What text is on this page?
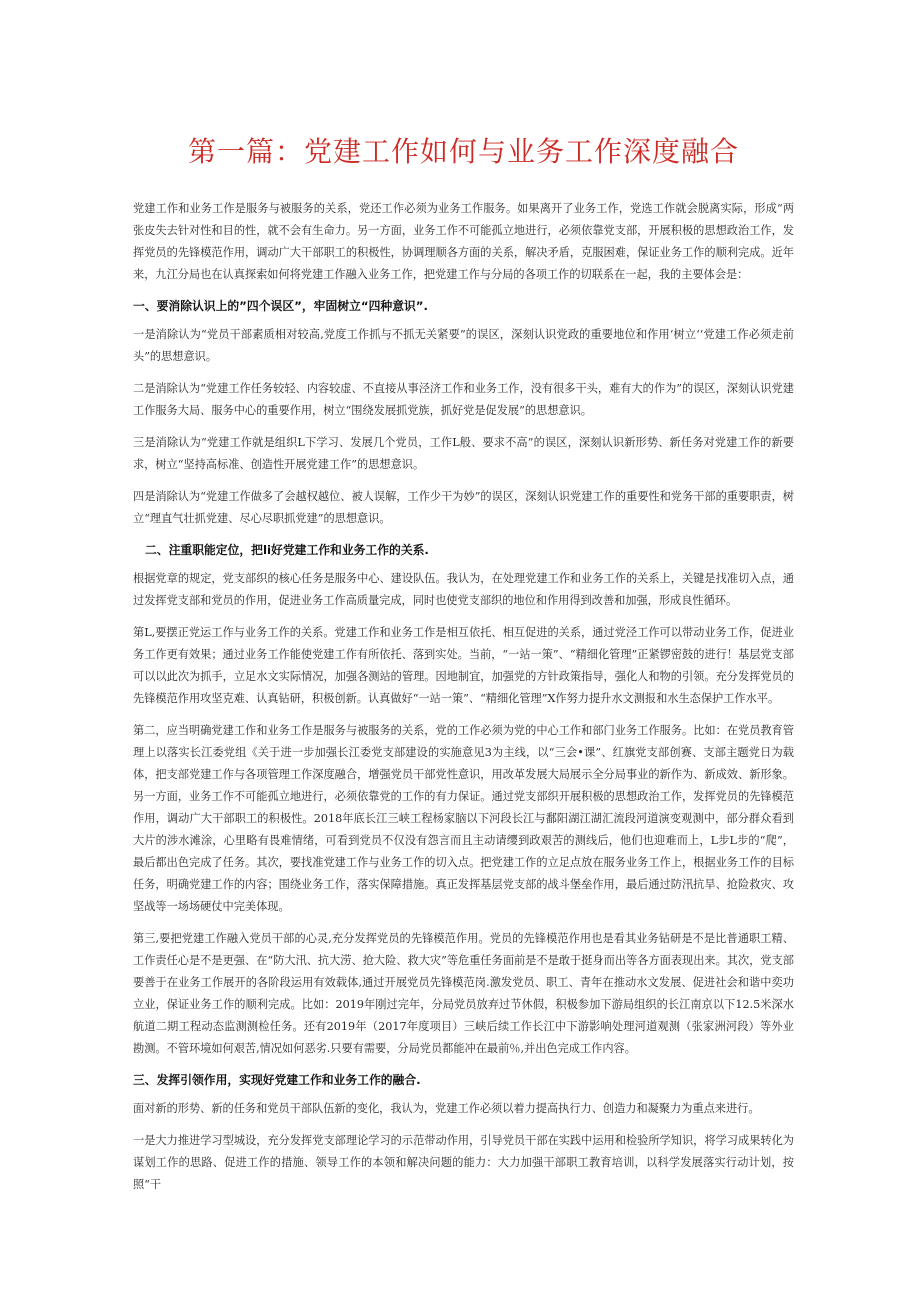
第一篇：党建工作如何与业务工作深度融合

党建工作和业务工作是服务与被服务的关系，党还工作必须为业务工作服务。如果离开了业务工作，党选工作就会脱离实际，形成“两张皮失去针对性和目的性，就不会有生命力。另一方面，业务工作不可能孤立地进行，必须依靠党支部，开展积极的思想政治工作，发挥党员的先锋模范作用，调动广大干部职工的积极性，协调理顺各方面的关系，解决矛盾，克服困难，保证业务工作的顺利完成。近年来，九江分局也在认真探索如何将党建工作融入业务工作，把党建工作与分局的各项工作的切联系在一起，我的主要体会是：

一、要消除认识上的”四个误区”，牢固树立“四种意识”.

一是消除认为“党员干部素质相对较高,党度工作抓与不抓无关紧要”的误区，深刻认识党政的重要地位和作用‘树立‘‘党建工作必须走前头”的思想意识。

二是消除认为“党建工作任务较轻、内容较虚、不直接从事泾济工作和业务工作，没有很多干头，难有大的作为”的误区，深刻认识党建工作服务大局、服务中心的重要作用，树立“围绕发展抓党族，抓好党是促发展”的思想意识。

三是消除认为“党建工作就是组织L下学习、发展几个党员，工作L般、要求不高”的误区，深刻认识新形势、新任务对党建工作的新要求，树立“坚持高标准、创造性开展党建工作”的思想意识。

四是消除认为“党建工作做多了会越权越位、被人误解，工作少干为妙”的误区，深刻认识党建工作的重要性和党务干部的重要职责，树立“理直气壮抓党建、尽心尽职抓党建”的思想意识。

二、注重职能定位，把li好党建工作和业务工作的关系.

根据党章的规定，党支部织的核心任务是服务中心、建设队伍。我认为，在处理党建工作和业务工作的关系上，关键是找准切入点，通过发挥党支部和党员的作用，促进业务工作高质量完成，同时也使党支部织的地位和作用得到改善和加强，形成良性循环。

第L,要摆正党运工作与业务工作的关系。党建工作和业务工作是相互依托、相互促进的关系，通过党泾工作可以带动业务工作，促进业务工作更有效果；通过业务工作能使党建工作有所依托、落到实处。当前，“一站一策”、“精细化管理”正紧锣密鼓的进行！基层党支部可以以此次为抓手，立足水文实际情况，加强各测站的管理。因地制宜，加强党的方针政策指导，强化人和物的引领。充分发挥党员的先锋模范作用攻坚克难、认真钻研，积极创新。认真做好“一站一策”、“精细化管理”X作努力提升水文测报和水生态保护工作水平。

第二，应当明确党建工作和业务工作是服务与被服务的关系，党的工作必须为党的中心工作和部门业务工作服务。比如：在党员教育管理上以落实长江委党组《关于进一步加强长江委党支部建设的实施意见3为主线，以“三会•课”、红旗党支部创赛、支部主题党日为载体，把支部党建工作与各项管理工作深度融合，增强党员干部党性意识，用改革发展大局展示全分局事业的新作为、新成效、新形象。另一方面，业务工作不可能孤立地进行，必须依靠党的工作的有力保证。通过党支部织开展积极的思想政治工作，发挥党员的先锋模范作用，调动广大干部职工的积极性。2018年底长江三峡工程杨家脑以下河段长江与鄱阳湖江湖汇流段河道演变观测中，部分群众看到大片的涉水滩涂，心里略有畏难情绪，可看到党员不仅没有怨言而且主动请缨到政艰苦的测线后，他们也迎难而上，L步L步的“爬”，最后都出色完成了任务。其次，要找准党建工作与业务工作的切入点。把党建工作的立足点放在服务业务工作上，根据业务工作的目标任务，明确党建工作的内容；围绕业务工作，落实保障措施。真正发挥基层党支部的战斗堡垒作用，最后通过防汛抗旱、抢险救灾、攻坚战等一场场硬仗中完美体现。

第三,要把党建工作融入党员干部的心灵,充分发挥党员的先锋模范作用。党员的先锋模范作用也是看其业务钻研是不是比普通职工精、工作责任心是不是更强、在“防大汛、抗大涝、抢大险、救大灾”等危重任务面前是不是敢于挺身而出等各方面表现出来。其次，党支部要善于在业务工作展开的各阶段运用有效载体,通过开展党员先锋模范岗.激发党员、职工、青年在推动水文发展、促进社会和谐中奕功立业，保证业务工作的顺利完成。比如：2019年刚过完年，分局党员放弃过节休假，积极参加下游局组织的长江南京以下12.5米深水航道二期工程动态监测测检任务。还有2019年（2017年度项目）三峡后续工作长江中下游影响处理河道观测（张家洲河段）等外业勘测。不管环境如何艰苦,情况如何恶劣.只要有需要，分局党员都能冲在最前％,并出色完成工作内容。

三、发挥引领作用，实现好党建工作和业务工作的融合.

面对新的形势、新的任务和党员干部队伍新的变化，我认为，党建工作必须以着力提高执行力、创造力和凝聚力为重点来进行。

一是大力推进学习型城设，充分发挥党支部理论学习的示范带动作用，引导党员干部在实践中运用和检验所学知识，将学习成果转化为谋划工作的思路、促进工作的措施、领导工作的本领和解决问题的能力：大力加强干部职工教育培训，以科学发展落实行动计划，按照“干
